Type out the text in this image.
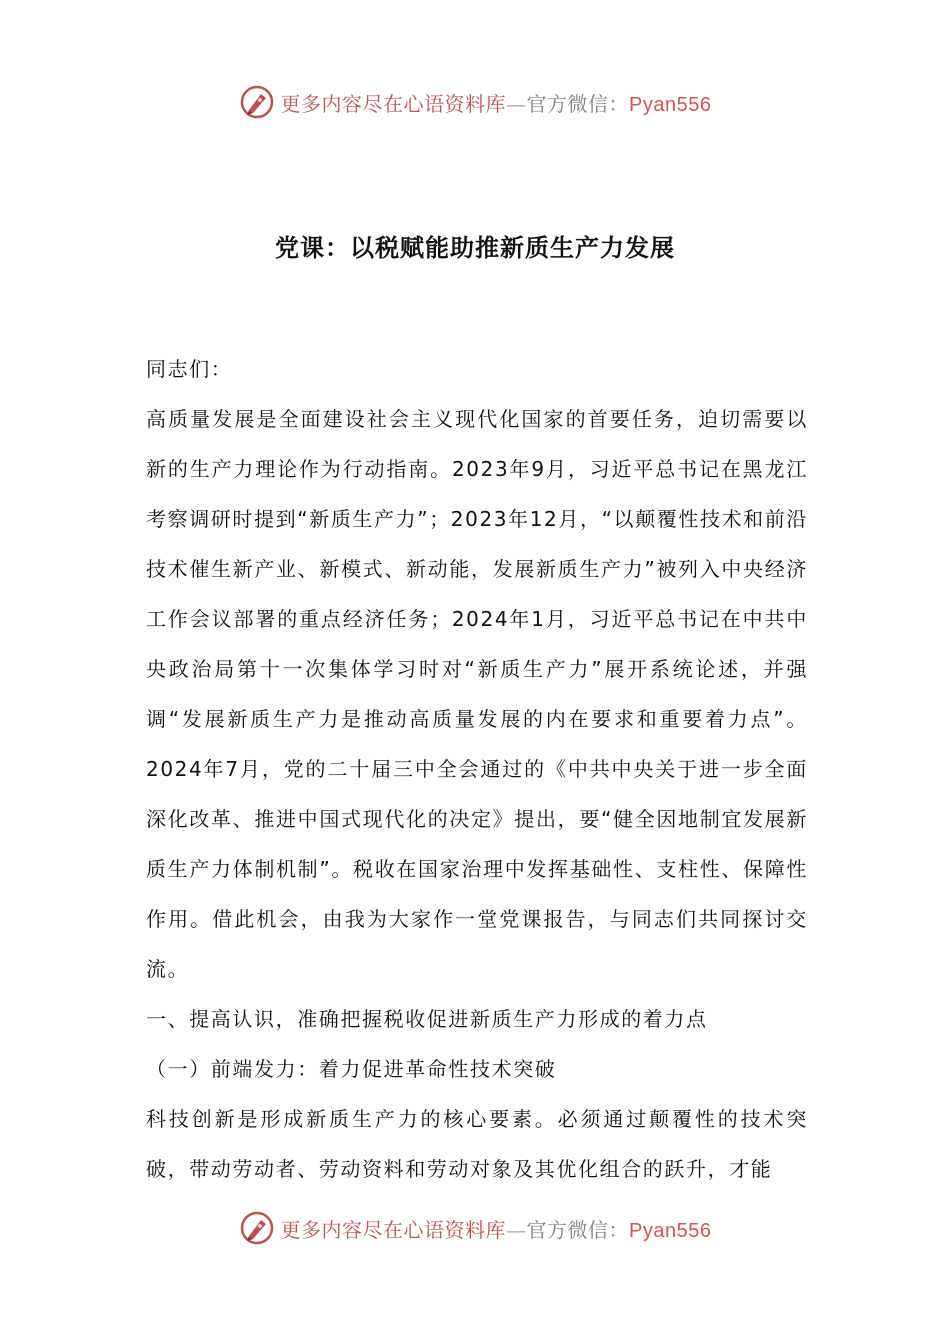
更多内容尽在心语资料库—官方微信：Pyan556
党课：以税赋能助推新质生产力发展

同志们：

高质量发展是全面建设社会主义现代化国家的首要任务，迫切需要以新的生产力理论作为行动指南。2023年9月，习近平总书记在黑龙江考察调研时提到“新质生产力”；2023年12月，“以颠覆性技术和前沿技术催生新产业、新模式、新动能，发展新质生产力”被列入中央经济工作会议部署的重点经济任务；2024年1月，习近平总书记在中共中央政治局第十一次集体学习时对“新质生产力”展开系统论述，并强调“发展新质生产力是推动高质量发展的内在要求和重要着力点”。2024年7月，党的二十届三中全会通过的《中共中央关于进一步全面深化改革、推进中国式现代化的决定》提出，要“健全因地制宜发展新质生产力体制机制”。税收在国家治理中发挥基础性、支柱性、保障性作用。借此机会，由我为大家作一堂党课报告，与同志们共同探讨交流。

一、提高认识，准确把握税收促进新质生产力形成的着力点

（一）前端发力：着力促进革命性技术突破

科技创新是形成新质生产力的核心要素。必须通过颠覆性的技术突破，带动劳动者、劳动资料和劳动对象及其优化组合的跃升，才能

更多内容尽在心语资料库—官方微信：Pyan556
